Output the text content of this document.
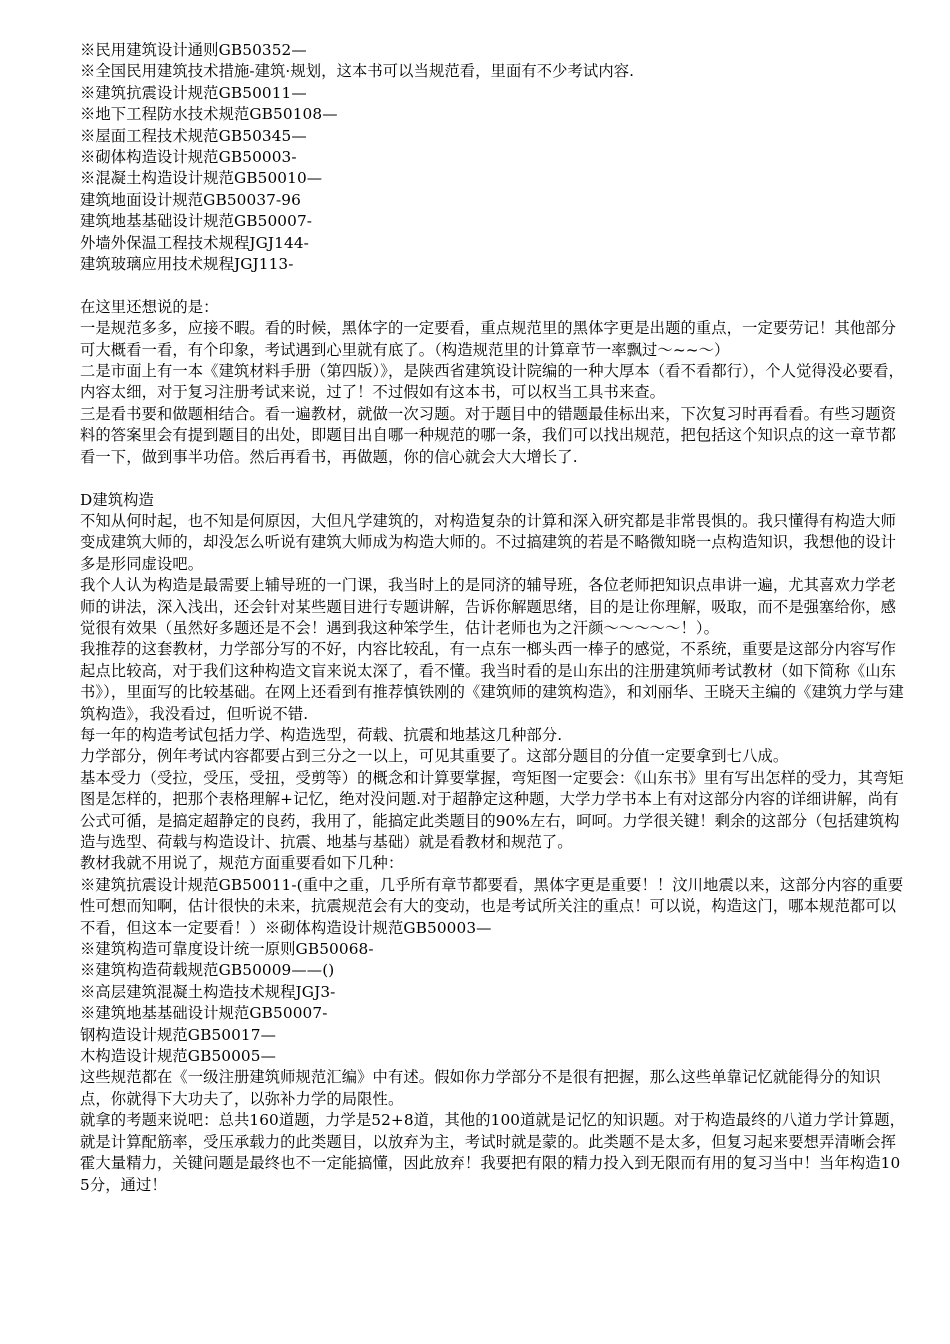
※民用建筑设计通则GB50352—
※全国民用建筑技术措施-建筑·规划，这本书可以当规范看，里面有不少考试内容.
※建筑抗震设计规范GB50011—
※地下工程防水技术规范GB50108—
※屋面工程技术规范GB50345—
※砌体构造设计规范GB50003-
※混凝土构造设计规范GB50010—
建筑地面设计规范GB50037-96
建筑地基基础设计规范GB50007-
外墙外保温工程技术规程JGJ144-
建筑玻璃应用技术规程JGJ113-
在这里还想说的是：
一是规范多多，应接不暇。看的时候，黑体字的一定要看，重点规范里的黑体字更是出题的重点，一定要劳记！其他部分可大概看一看，有个印象，考试遇到心里就有底了。（构造规范里的计算章节一率飘过～~~～）
二是市面上有一本《建筑材料手册（第四版）》，是陕西省建筑设计院编的一种大厚本（看不看都行），个人觉得没必要看，内容太细，对于复习注册考试来说，过了！不过假如有这本书，可以权当工具书来查。
三是看书要和做题相结合。看一遍教材，就做一次习题。对于题目中的错题最佳标出来，下次复习时再看看。有些习题资料的答案里会有提到题目的出处，即题目出自哪一种规范的哪一条，我们可以找出规范，把包括这个知识点的这一章节都看一下，做到事半功倍。然后再看书，再做题，你的信心就会大大增长了.
D建筑构造
不知从何时起，也不知是何原因，大但凡学建筑的，对构造复杂的计算和深入研究都是非常畏惧的。我只懂得有构造大师变成建筑大师的，却没怎么听说有建筑大师成为构造大师的。不过搞建筑的若是不略微知晓一点构造知识，我想他的设计多是形同虚设吧。
我个人认为构造是最需要上辅导班的一门课，我当时上的是同济的辅导班，各位老师把知识点串讲一遍，尤其喜欢力学老师的讲法，深入浅出，还会针对某些题目进行专题讲解，告诉你解题思绪，目的是让你理解，吸取，而不是强塞给你，感觉很有效果（虽然好多题还是不会！遇到我这种笨学生，估计老师也为之汗颜～～～～～！）。
我推荐的这套教材，力学部分写的不好，内容比较乱，有一点东一榔头西一棒子的感觉，不系统，重要是这部分内容写作起点比较高，对于我们这种构造文盲来说太深了，看不懂。我当时看的是山东出的注册建筑师考试教材（如下简称《山东书》），里面写的比较基础。在网上还看到有推荐慎铁刚的《建筑师的建筑构造》，和刘丽华、王晓天主编的《建筑力学与建筑构造》，我没看过，但听说不错.
每一年的构造考试包括力学、构造选型，荷载、抗震和地基这几种部分.
力学部分，例年考试内容都要占到三分之一以上，可见其重要了。这部分题目的分值一定要拿到七八成。
基本受力（受拉，受压，受扭，受剪等）的概念和计算要掌握，弯矩图一定要会：《山东书》里有写出怎样的受力，其弯矩图是怎样的，把那个表格理解+记忆，绝对没问题.对于超静定这种题，大学力学书本上有对这部分内容的详细讲解，尚有公式可循，是搞定超静定的良药，我用了，能搞定此类题目的90%左右，呵呵。力学很关键！剩余的这部分（包括建筑构造与选型、荷载与构造设计、抗震、地基与基础）就是看教材和规范了。
教材我就不用说了，规范方面重要看如下几种：
※建筑抗震设计规范GB50011-(重中之重，几乎所有章节都要看，黑体字更是重要！！汶川地震以来，这部分内容的重要性可想而知啊，估计很快的未来，抗震规范会有大的变动，也是考试所关注的重点！可以说，构造这门，哪本规范都可以不看，但这本一定要看！）※砌体构造设计规范GB50003—
※建筑构造可靠度设计统一原则GB50068-
※建筑构造荷载规范GB50009——()
※高层建筑混凝土构造技术规程JGJ3-
※建筑地基基础设计规范GB50007-
钢构造设计规范GB50017—
木构造设计规范GB50005—
这些规范都在《一级注册建筑师规范汇编》中有述。假如你力学部分不是很有把握，那么这些单靠记忆就能得分的知识点，你就得下大功夫了，以弥补力学的局限性。
就拿的考题来说吧：总共160道题，力学是52+8道，其他的100道就是记忆的知识题。对于构造最终的八道力学计算题，就是计算配筋率，受压承载力的此类题目，以放弃为主，考试时就是蒙的。此类题不是太多，但复习起来要想弄清晰会挥霍大量精力，关键问题是最终也不一定能搞懂，因此放弃！我要把有限的精力投入到无限而有用的复习当中！当年构造105分，通过！
